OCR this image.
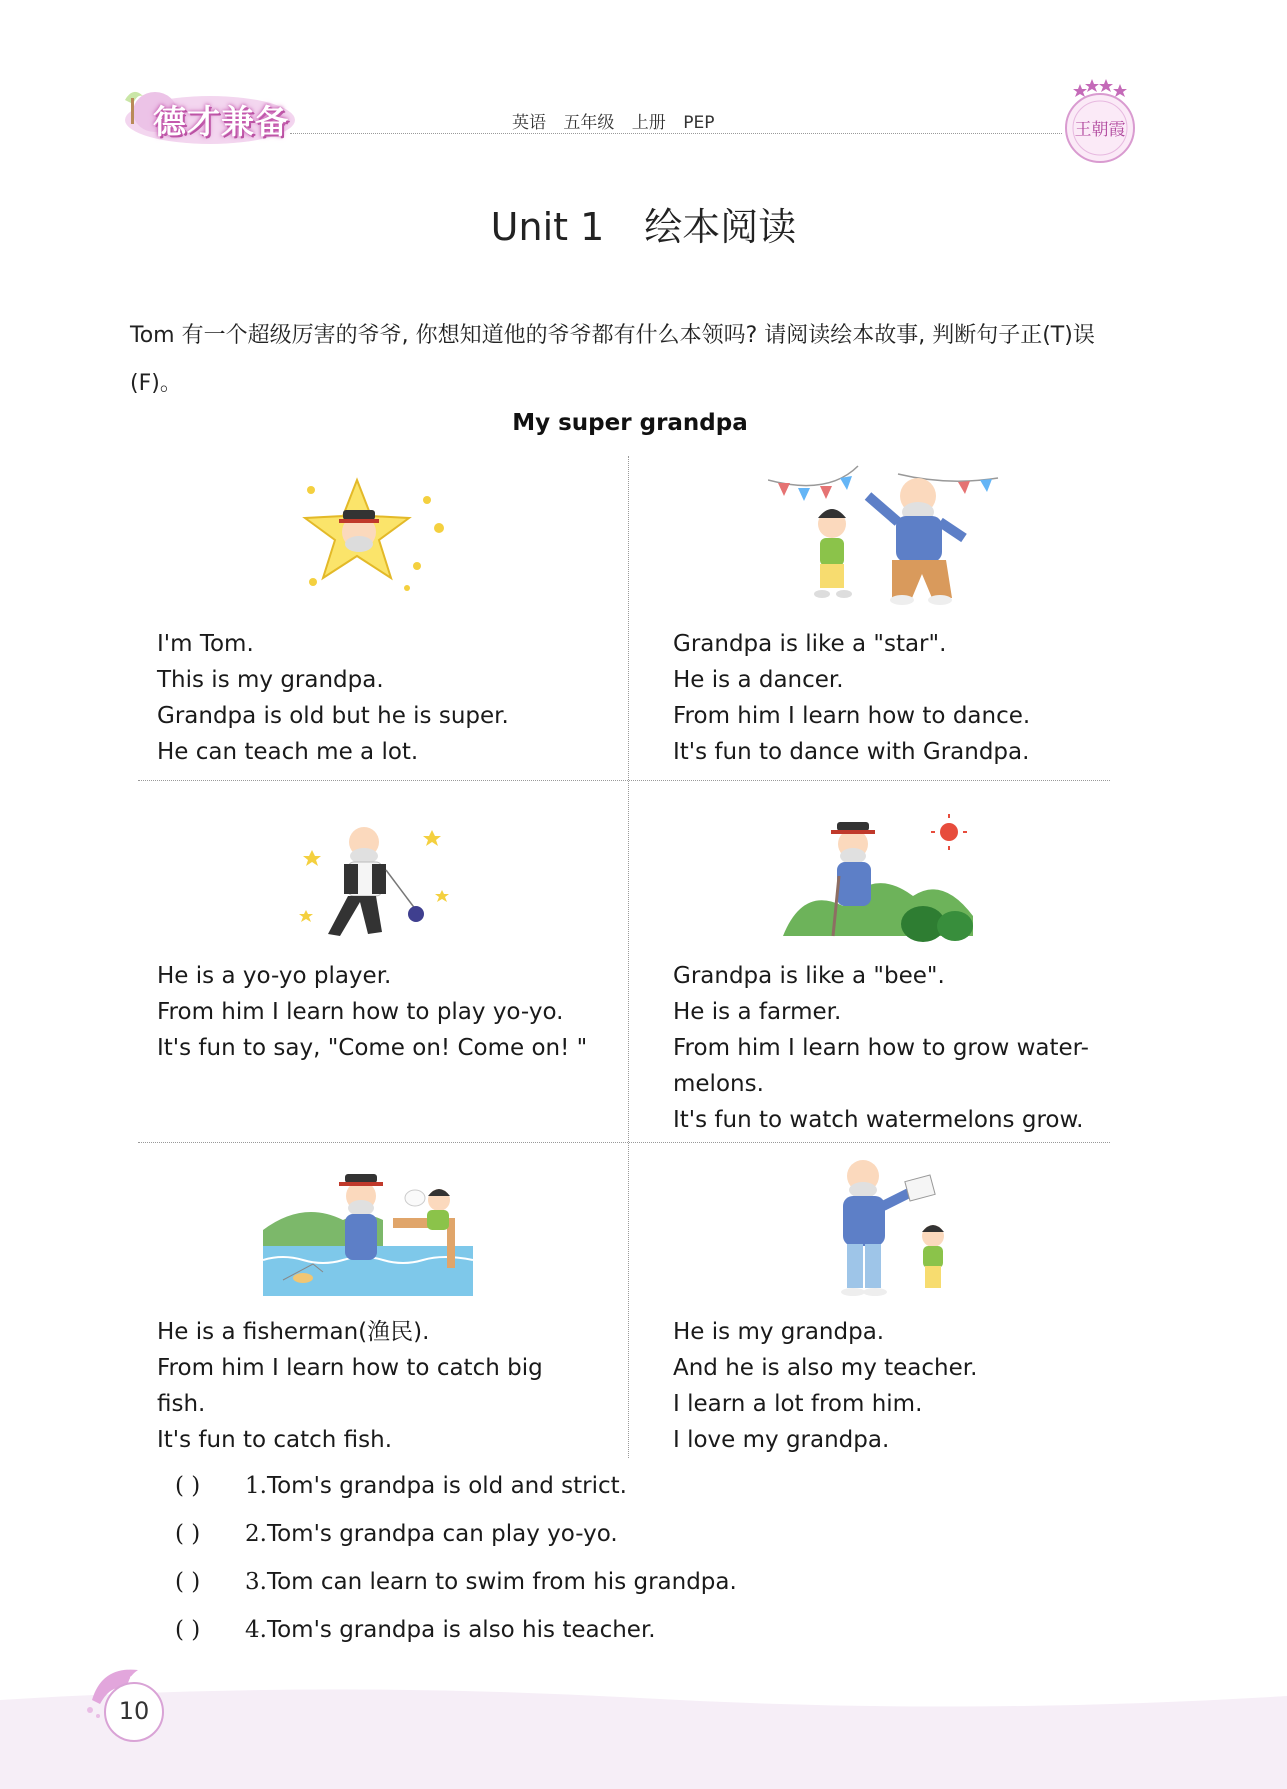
德才兼备	英语 五年级 上册 PEP	王朝霞
Unit 1 绘本阅读
Tom 有一个超级厉害的爷爷, 你想知道他的爷爷都有什么本领吗? 请阅读绘本故事, 判断句子正(T)误(F)。
My super grandpa
I'm Tom.
This is my grandpa.
Grandpa is old but he is super.
He can teach me a lot.
Grandpa is like a "star".
He is a dancer.
From him I learn how to dance.
It's fun to dance with Grandpa.
He is a yo-yo player.
From him I learn how to play yo-yo.
It's fun to say, "Come on! Come on! "
Grandpa is like a "bee".
He is a farmer.
From him I learn how to grow water-
melons.
It's fun to watch watermelons grow.
He is a fisherman(渔民).
From him I learn how to catch big
fish.
It's fun to catch fish.
He is my grandpa.
And he is also my teacher.
I learn a lot from him.
I love my grandpa.
( ) 1.Tom's grandpa is old and strict.
( ) 2.Tom's grandpa can play yo-yo.
( ) 3.Tom can learn to swim from his grandpa.
( ) 4.Tom's grandpa is also his teacher.
10
